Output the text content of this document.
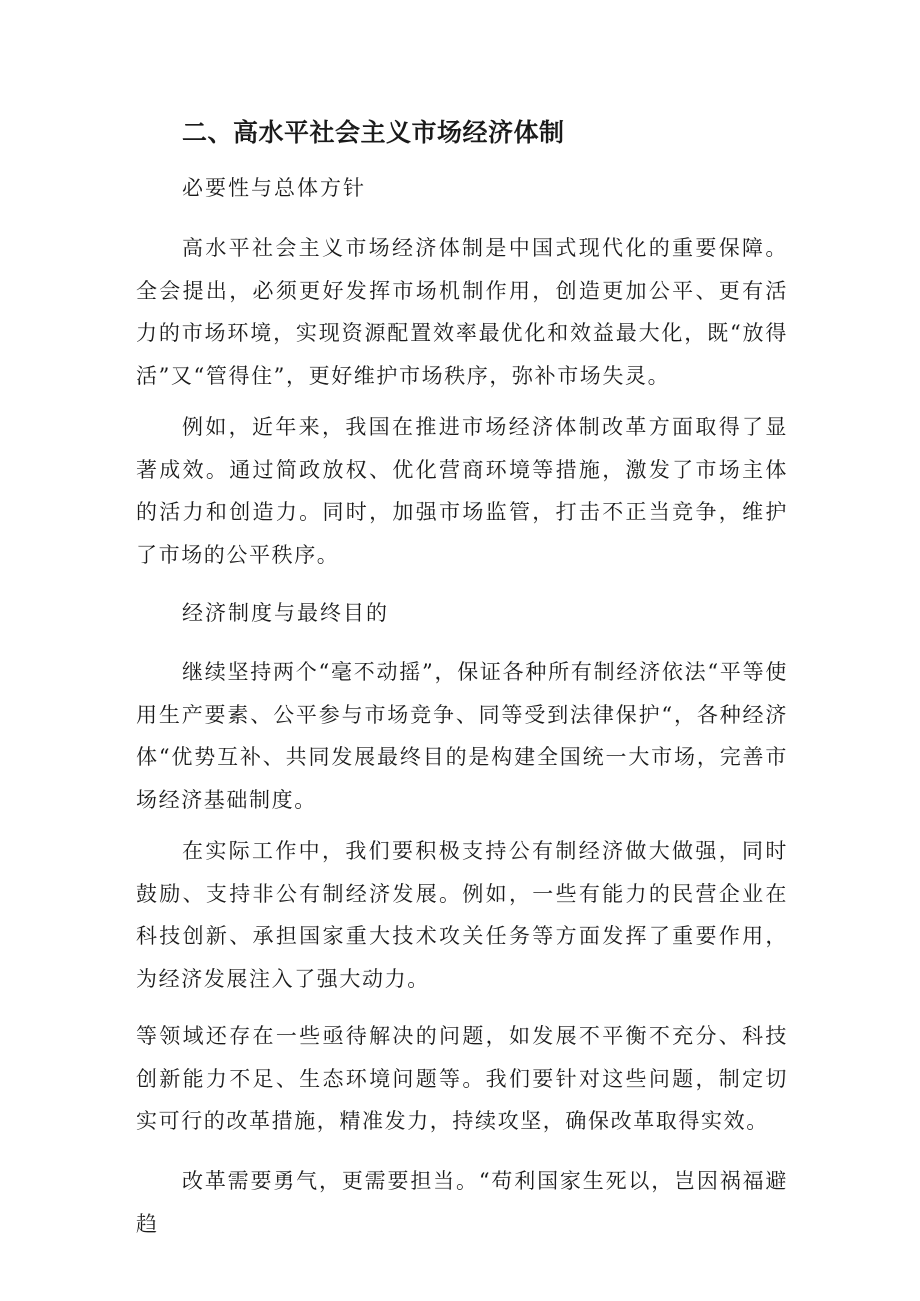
二、高水平社会主义市场经济体制

必要性与总体方针

高水平社会主义市场经济体制是中国式现代化的重要保障。全会提出，必须更好发挥市场机制作用，创造更加公平、更有活力的市场环境，实现资源配置效率最优化和效益最大化，既“放得活”又“管得住”，更好维护市场秩序，弥补市场失灵。

例如，近年来，我国在推进市场经济体制改革方面取得了显著成效。通过简政放权、优化营商环境等措施，激发了市场主体的活力和创造力。同时，加强市场监管，打击不正当竞争，维护了市场的公平秩序。

经济制度与最终目的

继续坚持两个“毫不动摇”，保证各种所有制经济依法“平等使用生产要素、公平参与市场竞争、同等受到法律保护“，各种经济体“优势互补、共同发展最终目的是构建全国统一大市场，完善市场经济基础制度。

在实际工作中，我们要积极支持公有制经济做大做强，同时鼓励、支持非公有制经济发展。例如，一些有能力的民营企业在科技创新、承担国家重大技术攻关任务等方面发挥了重要作用，为经济发展注入了强大动力。

等领域还存在一些亟待解决的问题，如发展不平衡不充分、科技创新能力不足、生态环境问题等。我们要针对这些问题，制定切实可行的改革措施，精准发力，持续攻坚，确保改革取得实效。

改革需要勇气，更需要担当。“苟利国家生死以，岂因祸福避趋
